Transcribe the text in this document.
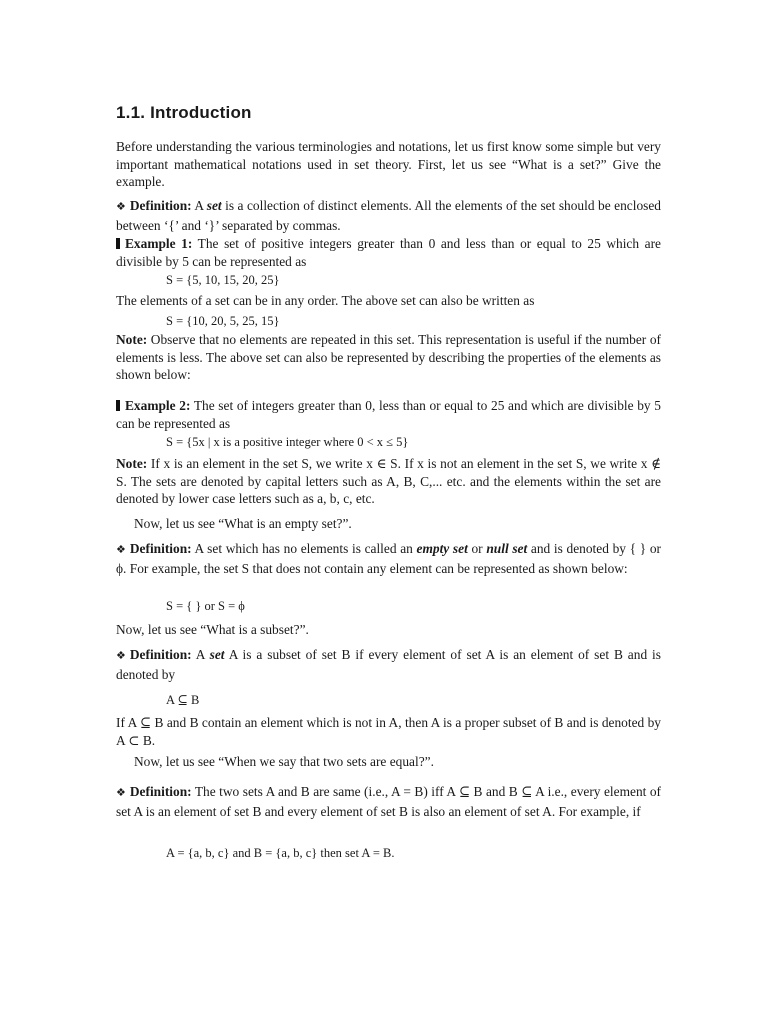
1.1. Introduction
Before understanding the various terminologies and notations, let us first know some simple but very important mathematical notations used in set theory. First, let us see “What is a set?” Give the example.
❖ Definition: A set is a collection of distinct elements. All the elements of the set should be enclosed between ‘{’ and ‘}’ separated by commas.
Example 1: The set of positive integers greater than 0 and less than or equal to 25 which are divisible by 5 can be represented as
S = {5, 10, 15, 20, 25}
The elements of a set can be in any order. The above set can also be written as
S = {10, 20, 5, 25, 15}
Note: Observe that no elements are repeated in this set. This representation is useful if the number of elements is less. The above set can also be represented by describing the properties of the elements as shown below:
Example 2: The set of integers greater than 0, less than or equal to 25 and which are divisible by 5 can be represented as
S = {5x | x is a positive integer where 0 < x ≤ 5}
Note: If x is an element in the set S, we write x ∈ S. If x is not an element in the set S, we write x ∉ S. The sets are denoted by capital letters such as A, B, C,... etc. and the elements within the set are denoted by lower case letters such as a, b, c, etc.
Now, let us see “What is an empty set?”.
❖ Definition: A set which has no elements is called an empty set or null set and is denoted by { } or ϕ. For example, the set S that does not contain any element can be represented as shown below:
S = { } or S = ϕ
Now, let us see “What is a subset?”.
❖ Definition: A set A is a subset of set B if every element of set A is an element of set B and is denoted by
A ⊆ B
If A ⊆ B and B contain an element which is not in A, then A is a proper subset of B and is denoted by A ⊂ B.
Now, let us see “When we say that two sets are equal?”.
❖ Definition: The two sets A and B are same (i.e., A = B) iff A ⊆ B and B ⊆ A i.e., every element of set A is an element of set B and every element of set B is also an element of set A. For example, if
A = {a, b, c} and B = {a, b, c} then set A = B.
